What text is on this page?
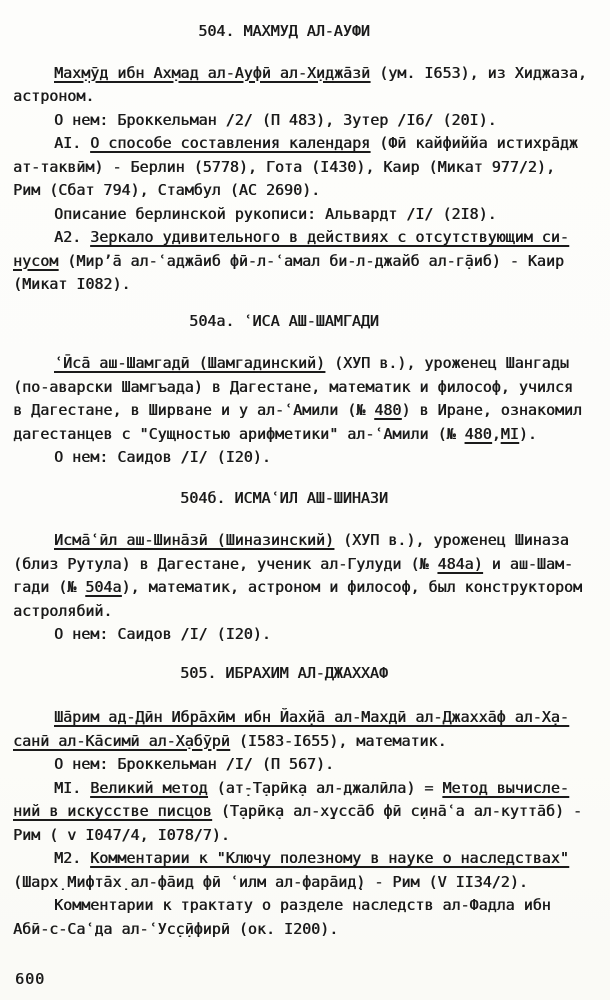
504. МАХМУД АЛ-АУФИ
Мах̣мӯд ибн Ах̣мад ал-Ауфӣ ал-Х̣иджа̄зӣ (ум. I653), из Хиджаза,
астроном.
О нем: Броккельман /2/ (П 483), Зутер /I6/ (20I).
АI. О способе составления календаря (Фӣ кайфиййа истих̣ра̄дж
ат-таквӣм) - Берлин (5778), Гота (I430), Каир (Микат 977/2),
Рим (Сбат 794), Стамбул (АС 2690).
Описание берлинской рукописи: Альвардт /I/ (2I8).
А2. Зеркало удивительного в действиях с отсутствующим си-
нусом (Мир’а̄ ал-ʿаджа̄иб фӣ-л-ʿамал би-л-джайб ал-г̣а̄иб) - Каир
(Микат I082).
504а. ʿИСА АШ-ШАМГАДИ
ʿӢса̄ аш-Шамгадӣ (Шамгадинский) (ХУП в.), уроженец Шангады
(по-аварски Шамгъада) в Дагестане, математик и философ, учился
в Дагестане, в Ширване и у ал-ʿАмили (№ 480) в Иране, ознакомил
дагестанцев с "Сущностью арифметики" ал-ʿАмили (№ 480,МI).
О нем: Саидов /I/ (I20).
504б. ИСМАʿИЛ АШ-ШИНАЗИ
Исма̄ʿӣл аш-Шина̄зӣ (Шиназинский) (ХУП в.), уроженец Шиназа
(близ Рутула) в Дагестане, ученик ал-Гулуди (№ 484а) и аш-Шам-
гади (№ 504а), математик, астроном и философ, был конструктором
астролябий.
О нем: Саидов /I/ (I20).
505. ИБРАХИМ АЛ-ДЖАХХАФ
Ша̄рим ад-Дӣн Ибра̄хӣм ибн Йах̣йа̄ ал-Махдӣ ал-Джахха̄ф ал-Х̣а-
санӣ ал-Ка̄симӣ ал-Х̣абӯрӣ (I583-I655), математик.
О нем: Броккельман /I/ (П 567).
МI. Великий метод (ат̣-Т̣арӣк̣а ал-джалӣла) = Метод вычисле-
ний в искусстве писцов (Т̣арӣк̣а ал-х̣усса̄б фӣ с̣ина̄ʿа ал-кутта̄б) -
Рим ( v I047/4, I078/7).
М2. Комментарии к "Ключу полезному в науке о наследствах"
(Шарх̣ Мифта̄х̣ ал-фа̄ид фӣ ʿилм ал-фара̄ид̣) - Рим (V II34/2).
Комментарии к трактату о разделе наследств ал-Фадла ибн
Абӣ-с-Саʿда ал-ʿУс̣с̣ӣфирӣ (ок. I200).
600
